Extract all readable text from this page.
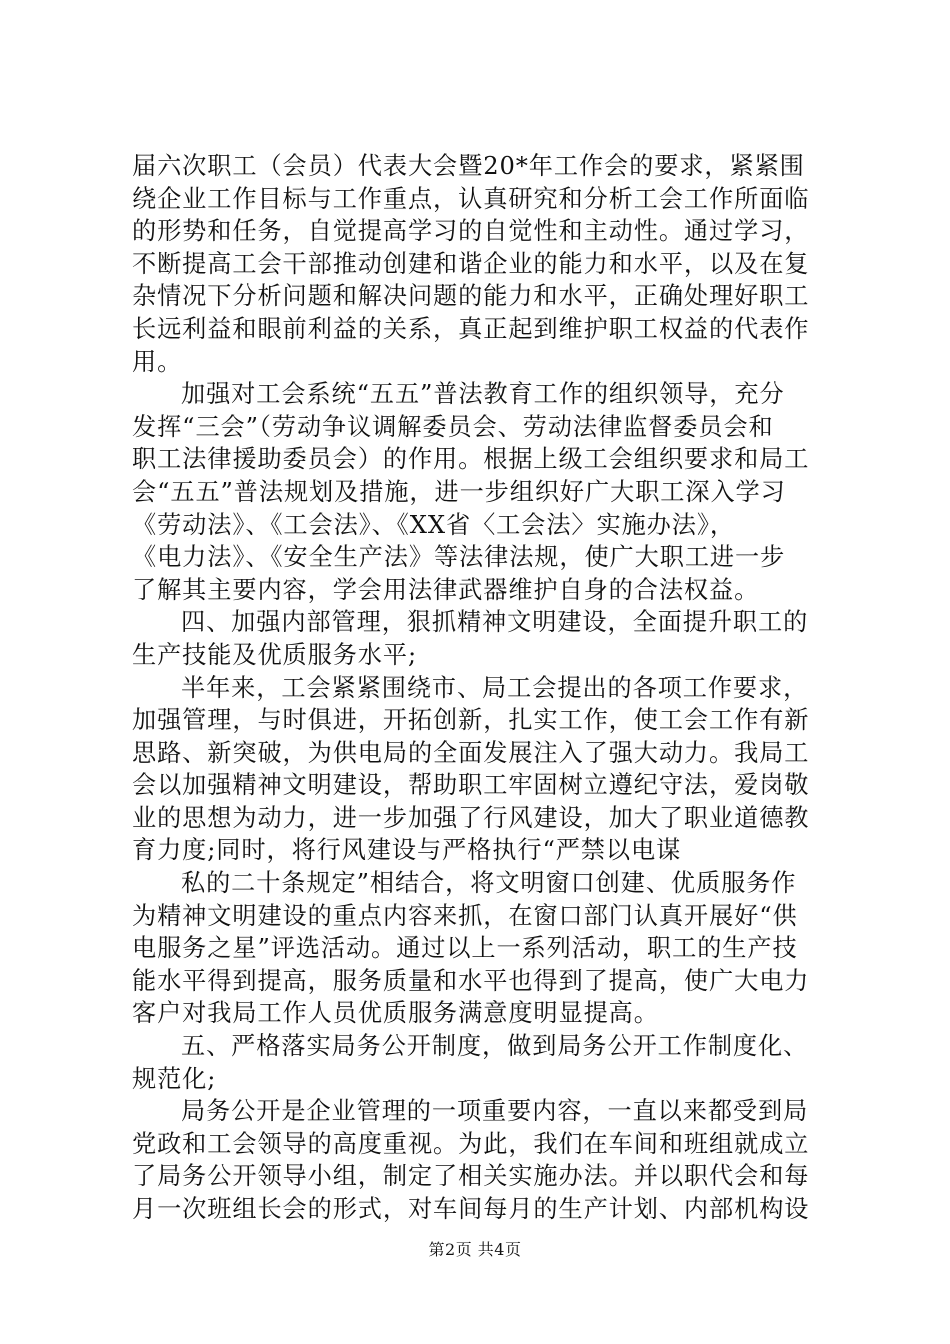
届六次职工（会员）代表大会暨20*年工作会的要求，紧紧围
绕企业工作目标与工作重点，认真研究和分析工会工作所面临
的形势和任务，自觉提高学习的自觉性和主动性。通过学习，
不断提高工会干部推动创建和谐企业的能力和水平，以及在复
杂情况下分析问题和解决问题的能力和水平，正确处理好职工
长远利益和眼前利益的关系，真正起到维护职工权益的代表作
用。
加强对工会系统“五五”普法教育工作的组织领导，充分
发挥“三会”（劳动争议调解委员会、劳动法律监督委员会和
职工法律援助委员会）的作用。根据上级工会组织要求和局工
会“五五”普法规划及措施，进一步组织好广大职工深入学习
《劳动法》、《工会法》、《XX省〈工会法〉实施办法》，
《电力法》、《安全生产法》等法律法规，使广大职工进一步
了解其主要内容，学会用法律武器维护自身的合法权益。
四、加强内部管理，狠抓精神文明建设，全面提升职工的
生产技能及优质服务水平;
半年来，工会紧紧围绕市、局工会提出的各项工作要求，
加强管理，与时俱进，开拓创新，扎实工作，使工会工作有新
思路、新突破，为供电局的全面发展注入了强大动力。我局工
会以加强精神文明建设，帮助职工牢固树立遵纪守法，爱岗敬
业的思想为动力，进一步加强了行风建设，加大了职业道德教
育力度;同时，将行风建设与严格执行“严禁以电谋
私的二十条规定”相结合，将文明窗口创建、优质服务作
为精神文明建设的重点内容来抓，在窗口部门认真开展好“供
电服务之星”评选活动。通过以上一系列活动，职工的生产技
能水平得到提高，服务质量和水平也得到了提高，使广大电力
客户对我局工作人员优质服务满意度明显提高。
五、严格落实局务公开制度，做到局务公开工作制度化、
规范化;
局务公开是企业管理的一项重要内容，一直以来都受到局
党政和工会领导的高度重视。为此，我们在车间和班组就成立
了局务公开领导小组，制定了相关实施办法。并以职代会和每
月一次班组长会的形式，对车间每月的生产计划、内部机构设
第2页 共4页
